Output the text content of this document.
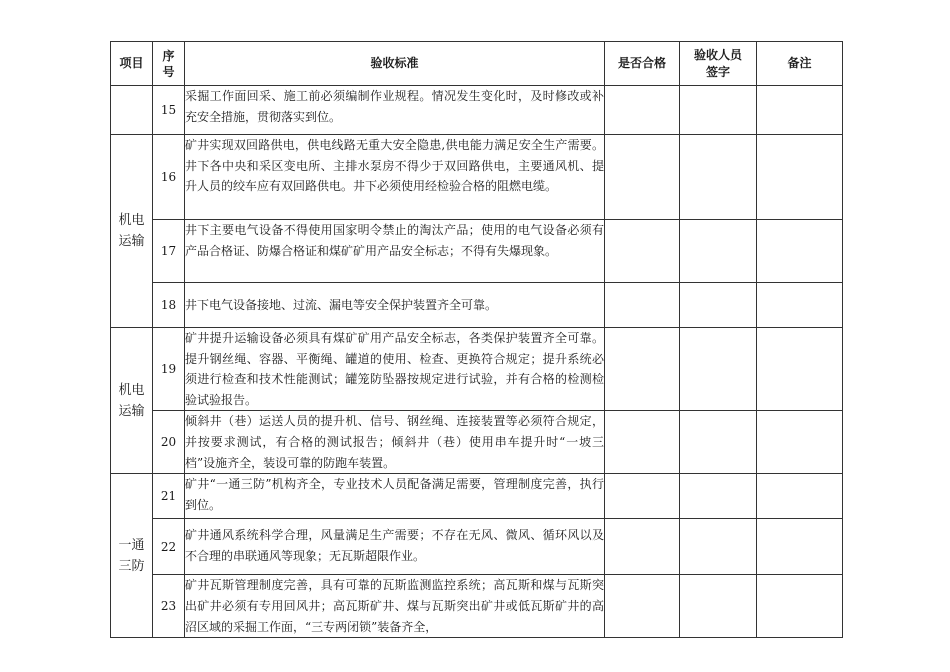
项目	序号	验收标准	是否合格	验收人员签字	备注
	15	采掘工作面回采、施工前必须编制作业规程。情况发生变化时，及时修改或补充安全措施，贯彻落实到位。			
机电运输	16	矿井实现双回路供电，供电线路无重大安全隐患,供电能力满足安全生产需要。井下各中央和采区变电所、主排水泵房不得少于双回路供电，主要通风机、提升人员的绞车应有双回路供电。井下必须使用经检验合格的阻燃电缆。			
	17	井下主要电气设备不得使用国家明令禁止的淘汰产品；使用的电气设备必须有产品合格证、防爆合格证和煤矿矿用产品安全标志；不得有失爆现象。			
	18	井下电气设备接地、过流、漏电等安全保护装置齐全可靠。			
机电运输	19	矿井提升运输设备必须具有煤矿矿用产品安全标志，各类保护装置齐全可靠。提升钢丝绳、容器、平衡绳、罐道的使用、检查、更换符合规定；提升系统必须进行检查和技术性能测试；罐笼防坠器按规定进行试验，并有合格的检测检验试验报告。			
	20	倾斜井（巷）运送人员的提升机、信号、钢丝绳、连接装置等必须符合规定，并按要求测试，有合格的测试报告；倾斜井（巷）使用串车提升时“一坡三档”设施齐全，装设可靠的防跑车装置。			
一通三防	21	矿井“一通三防”机构齐全，专业技术人员配备满足需要，管理制度完善，执行到位。			
	22	矿井通风系统科学合理，风量满足生产需要；不存在无风、微风、循环风以及不合理的串联通风等现象；无瓦斯超限作业。			
	23	矿井瓦斯管理制度完善，具有可靠的瓦斯监测监控系统；高瓦斯和煤与瓦斯突出矿井必须有专用回风井；高瓦斯矿井、煤与瓦斯突出矿井或低瓦斯矿井的高沼区域的采掘工作面，“三专两闭锁”装备齐全，			
